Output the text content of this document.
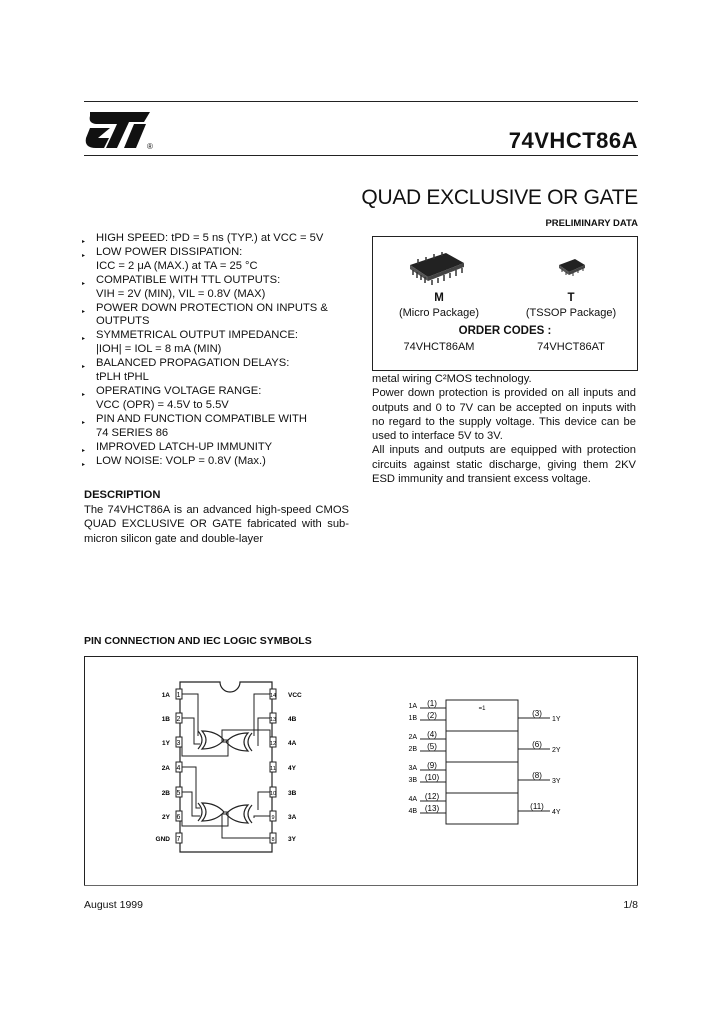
®	74VHCT86A
QUAD EXCLUSIVE OR GATE
PRELIMINARY DATA
▸ HIGH SPEED: tPD = 5 ns (TYP.) at VCC = 5V
▸ LOW POWER DISSIPATION:
ICC = 2 μA (MAX.) at TA = 25 °C
▸ COMPATIBLE WITH TTL OUTPUTS:
VIH = 2V (MIN), VIL = 0.8V (MAX)
▸ POWER DOWN PROTECTION ON INPUTS &
OUTPUTS
▸ SYMMETRICAL OUTPUT IMPEDANCE:
|IOH| = IOL = 8 mA (MIN)
▸ BALANCED PROPAGATION DELAYS:
tPLH tPHL
▸ OPERATING VOLTAGE RANGE:
VCC (OPR) = 4.5V to 5.5V
▸ PIN AND FUNCTION COMPATIBLE WITH
74 SERIES 86
▸ IMPROVED LATCH-UP IMMUNITY
▸ LOW NOISE: VOLP = 0.8V (Max.)
DESCRIPTION
The 74VHCT86A is an advanced high-speed CMOS QUAD EXCLUSIVE OR GATE fabricated with sub-micron silicon gate and double-layer
M
(Micro Package)
T
(TSSOP Package)
ORDER CODES :
74VHCT86AM	74VHCT86AT

metal wiring C²MOS technology.

Power down protection is provided on all inputs and outputs and 0 to 7V can be accepted on inputs with no regard to the supply voltage. This device can be used to interface 5V to 3V.

All inputs and outputs are equipped with protection circuits against static discharge, giving them 2KV ESD immunity and transient excess voltage.

PIN CONNECTION AND IEC LOGIC SYMBOLS
1
1A	14 VCC
2
1B	13 4B
3
1Y	12 4A
4
2A	11 4Y
5
2B	10 3B
6
2Y	9 3A
7
GND	8 3Y
=1
(1)
1A
(2)
1B
(4)
2A
(5)
2B
(9)
3A
(10)
3B
(12)
4A
(13)
4B
(3)
1Y
(6)
2Y
(8)
3Y
(11)
4Y
August 1999	1/8
